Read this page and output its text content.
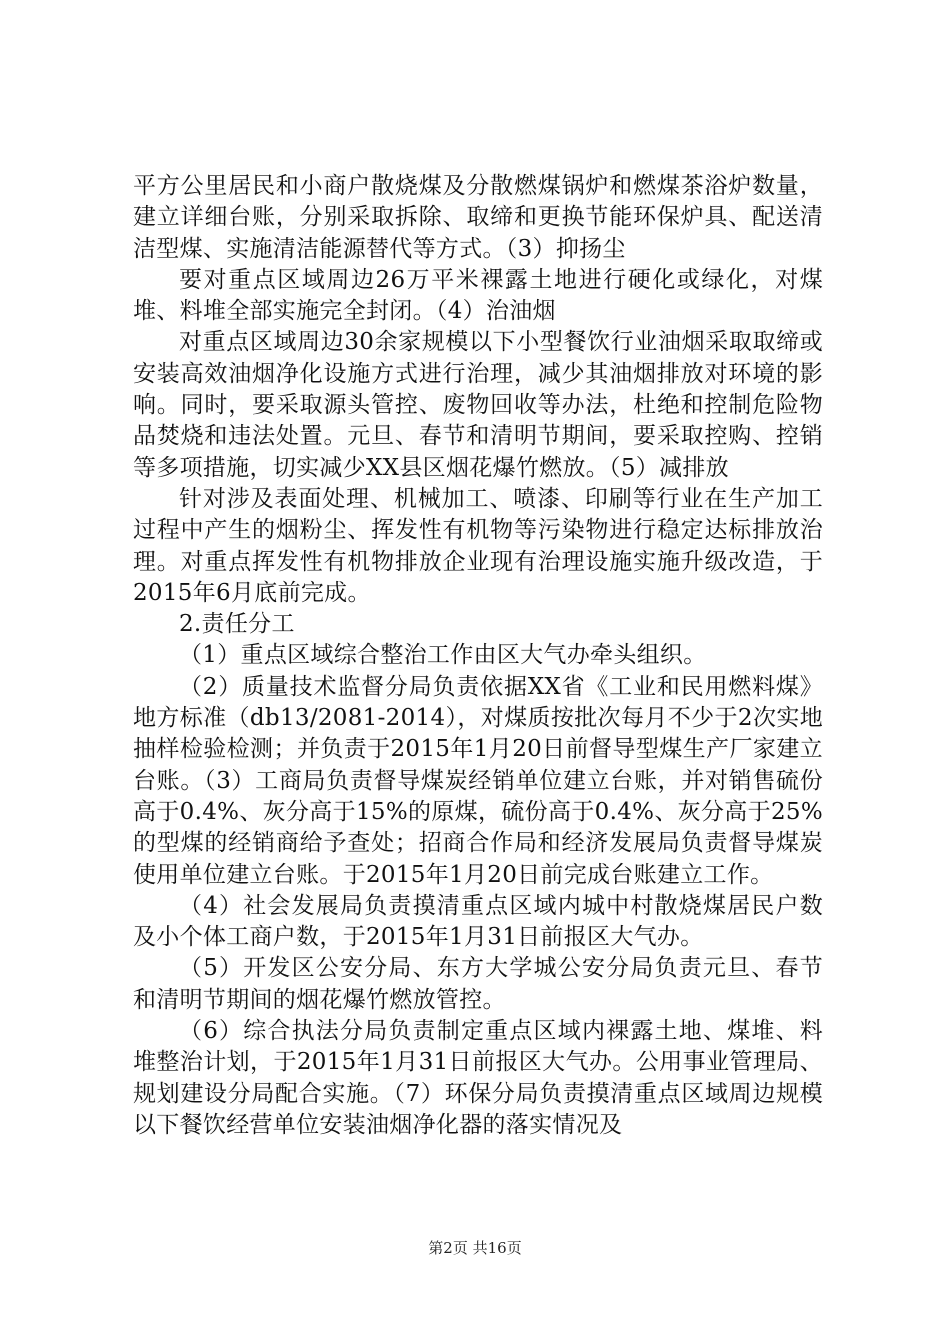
平方公里居民和小商户散烧煤及分散燃煤锅炉和燃煤茶浴炉数量，建立详细台账，分别采取拆除、取缔和更换节能环保炉具、配送清洁型煤、实施清洁能源替代等方式。（3）抑扬尘

要对重点区域周边26万平米裸露土地进行硬化或绿化，对煤堆、料堆全部实施完全封闭。（4）治油烟

对重点区域周边30余家规模以下小型餐饮行业油烟采取取缔或安装高效油烟净化设施方式进行治理，减少其油烟排放对环境的影响。同时，要采取源头管控、废物回收等办法，杜绝和控制危险物品焚烧和违法处置。元旦、春节和清明节期间，要采取控购、控销等多项措施，切实减少XX县区烟花爆竹燃放。（5）减排放

针对涉及表面处理、机械加工、喷漆、印刷等行业在生产加工过程中产生的烟粉尘、挥发性有机物等污染物进行稳定达标排放治理。对重点挥发性有机物排放企业现有治理设施实施升级改造，于2015年6月底前完成。

2.责任分工

（1）重点区域综合整治工作由区大气办牵头组织。

（2）质量技术监督分局负责依据XX省《工业和民用燃料煤》地方标准（db13/2081-2014），对煤质按批次每月不少于2次实地抽样检验检测；并负责于2015年1月20日前督导型煤生产厂家建立台账。（3）工商局负责督导煤炭经销单位建立台账，并对销售硫份高于0.4%、灰分高于15%的原煤，硫份高于0.4%、灰分高于25%的型煤的经销商给予查处；招商合作局和经济发展局负责督导煤炭使用单位建立台账。于2015年1月20日前完成台账建立工作。

（4）社会发展局负责摸清重点区域内城中村散烧煤居民户数及小个体工商户数，于2015年1月31日前报区大气办。

（5）开发区公安分局、东方大学城公安分局负责元旦、春节和清明节期间的烟花爆竹燃放管控。

（6）综合执法分局负责制定重点区域内裸露土地、煤堆、料堆整治计划，于2015年1月31日前报区大气办。公用事业管理局、规划建设分局配合实施。（7）环保分局负责摸清重点区域周边规模以下餐饮经营单位安装油烟净化器的落实情况及

第2页 共16页
